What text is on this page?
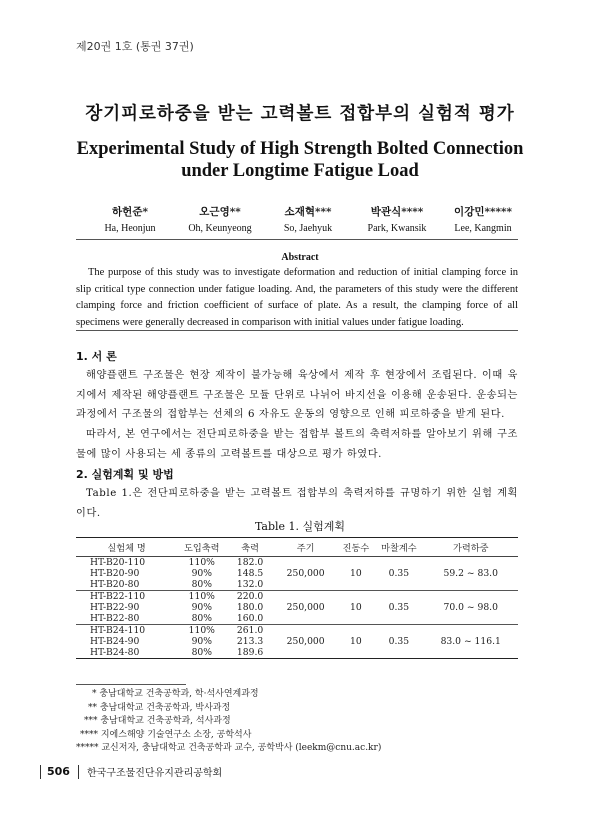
제20권 1호 (통권 37권)
장기피로하중을 받는 고력볼트 접합부의 실험적 평가
Experimental Study of High Strength Bolted Connection
under Longtime Fatigue Load
하헌준*
Ha, Heonjun
오근영**
Oh, Keunyeong
소재혁***
So, Jaehyuk
박관식****
Park, Kwansik
이강민*****
Lee, Kangmin
Abstract
The purpose of this study was to investigate deformation and reduction of initial clamping force in slip critical type connection under fatigue loading. And, the parameters of this study were the different clamping force and friction coefficient of surface of plate. As a result, the clamping force of all specimens were generally decreased in comparison with initial values under fatigue loading.
1. 서 론
해양플랜트 구조물은 현장 제작이 불가능해 육상에서 제작 후 현장에서 조립된다. 이때 육지에서 제작된 해양플랜트 구조물은 모듈 단위로 나뉘어 바지선을 이용해 운송된다. 운송되는 과정에서 구조물의 접합부는 선체의 6 자유도 운동의 영향으로 인해 피로하중을 받게 된다.
따라서, 본 연구에서는 전단피로하중을 받는 접합부 볼트의 축력저하를 알아보기 위해 구조물에 많이 사용되는 세 종류의 고력볼트를 대상으로 평가 하였다.
2. 실험계획 및 방법
Table 1.은 전단피로하중을 받는 고력볼트 접합부의 축력저하를 규명하기 위한 실험 계획이다.
Table 1. 실험계획
실험체 명	도입축력	축력	주기	진동수	마찰계수	가력하중
HT-B20-110	110%	182.0	250,000	10	0.35	59.2 ~ 83.0
HT-B20-90	90%	148.5				
HT-B20-80	80%	132.0				
HT-B22-110	110%	220.0	250,000	10	0.35	70.0 ~ 98.0
HT-B22-90	90%	180.0				
HT-B22-80	80%	160.0				
HT-B24-110	110%	261.0	250,000	10	0.35	83.0 ~ 116.1
HT-B24-90	90%	213.3				
HT-B24-80	80%	189.6				
* 충남대학교 건축공학과, 학·석사연계과정
** 충남대학교 건축공학과, 박사과정
*** 충남대학교 건축공학과, 석사과정
**** 지에스해양 기술연구소 소장, 공학석사
***** 교신저자, 충남대학교 건축공학과 교수, 공학박사 (leekm@cnu.ac.kr)
506	한국구조물진단유지관리공학회
